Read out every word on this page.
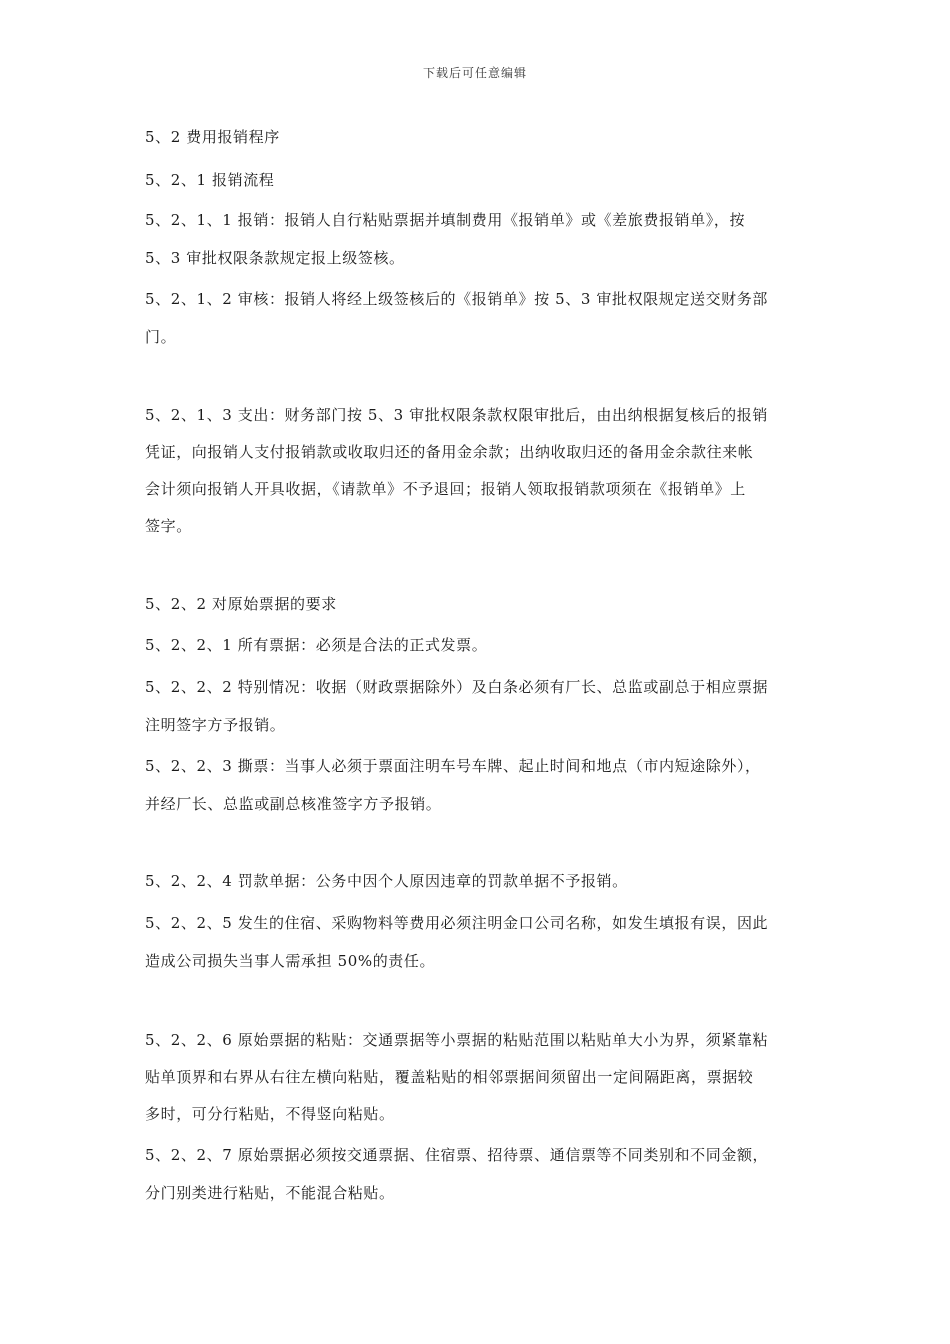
下载后可任意编辑
5、2 费用报销程序
5、2、1 报销流程
5、2、1、1 报销：报销人自行粘贴票据并填制费用《报销单》或《差旅费报销单》，按
5、3 审批权限条款规定报上级签核。
5、2、1、2 审核：报销人将经上级签核后的《报销单》按 5、3 审批权限规定送交财务部
门。
5、2、1、3 支出：财务部门按 5、3 审批权限条款权限审批后，由出纳根据复核后的报销
凭证，向报销人支付报销款或收取归还的备用金余款；出纳收取归还的备用金余款往来帐
会计须向报销人开具收据，《请款单》不予退回；报销人领取报销款项须在《报销单》上
签字。
5、2、2 对原始票据的要求
5、2、2、1 所有票据：必须是合法的正式发票。
5、2、2、2 特别情况：收据（财政票据除外）及白条必须有厂长、总监或副总于相应票据
注明签字方予报销。
5、2、2、3 撕票：当事人必须于票面注明车号车牌、起止时间和地点（市内短途除外），
并经厂长、总监或副总核准签字方予报销。
5、2、2、4 罚款单据：公务中因个人原因违章的罚款单据不予报销。
5、2、2、5 发生的住宿、采购物料等费用必须注明金口公司名称，如发生填报有误，因此
造成公司损失当事人需承担 50%的责任。
5、2、2、6 原始票据的粘贴：交通票据等小票据的粘贴范围以粘贴单大小为界，须紧靠粘
贴单顶界和右界从右往左横向粘贴，覆盖粘贴的相邻票据间须留出一定间隔距离，票据较
多时，可分行粘贴，不得竖向粘贴。
5、2、2、7 原始票据必须按交通票据、住宿票、招待票、通信票等不同类别和不同金额，
分门别类进行粘贴，不能混合粘贴。
